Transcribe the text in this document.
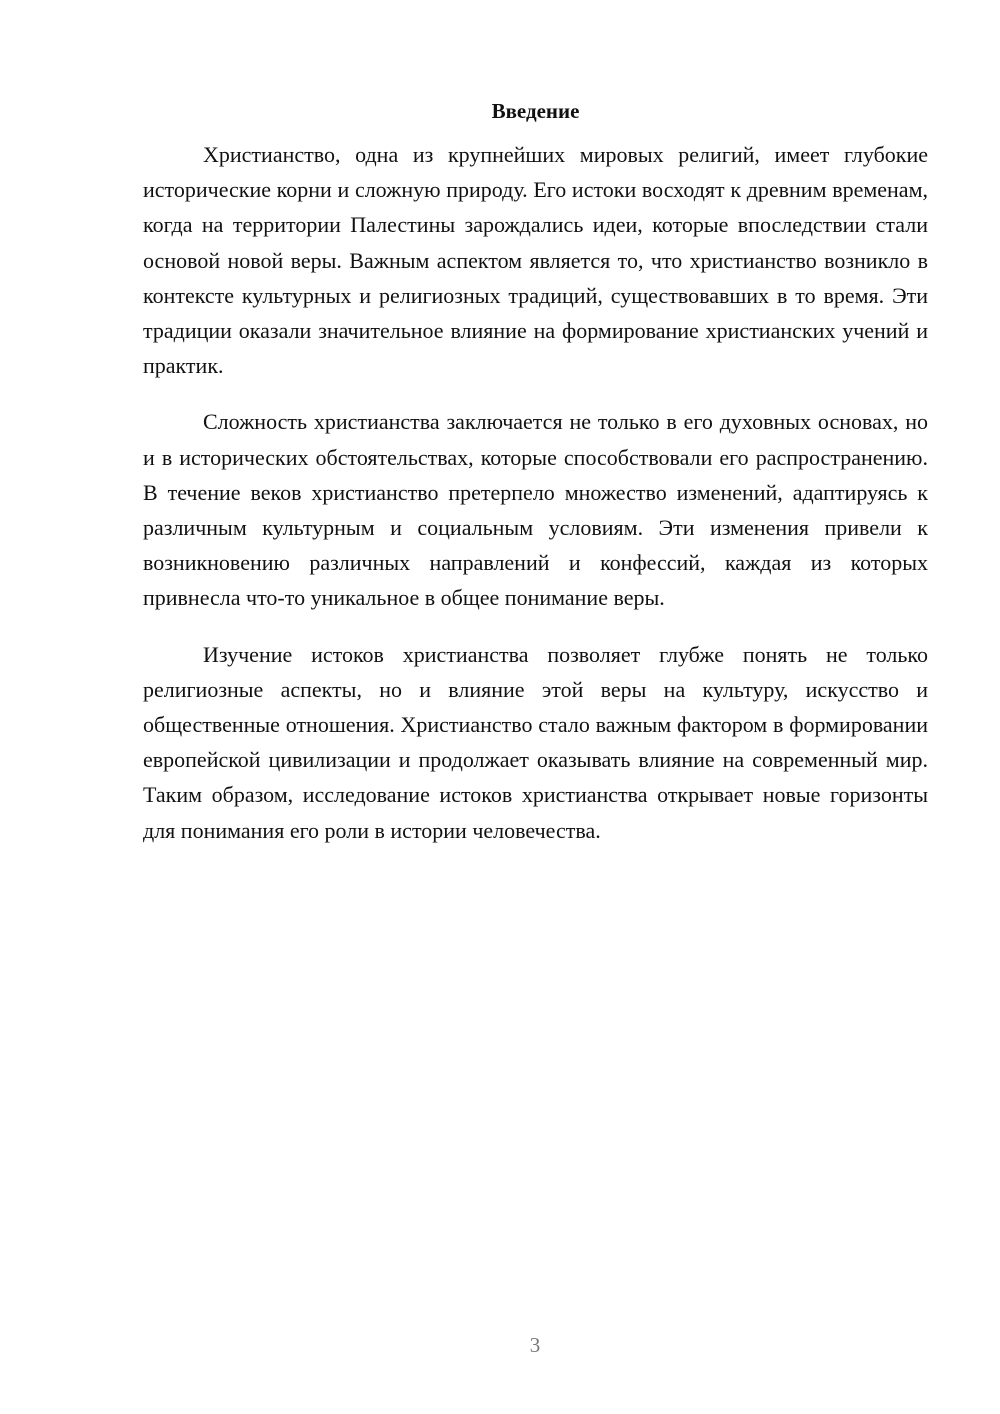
Введение

Христианство, одна из крупнейших мировых религий, имеет глубокие исторические корни и сложную природу. Его истоки восходят к древним временам, когда на территории Палестины зарождались идеи, которые впоследствии стали основой новой веры. Важным аспектом является то, что христианство возникло в контексте культурных и религиозных традиций, существовавших в то время. Эти традиции оказали значительное влияние на формирование христианских учений и практик.

Сложность христианства заключается не только в его духовных основах, но и в исторических обстоятельствах, которые способствовали его распространению. В течение веков христианство претерпело множество изменений, адаптируясь к различным культурным и социальным условиям. Эти изменения привели к возникновению различных направлений и конфессий, каждая из которых привнесла что-то уникальное в общее понимание веры.

Изучение истоков христианства позволяет глубже понять не только религиозные аспекты, но и влияние этой веры на культуру, искусство и общественные отношения. Христианство стало важным фактором в формировании европейской цивилизации и продолжает оказывать влияние на современный мир. Таким образом, исследование истоков христианства открывает новые горизонты для понимания его роли в истории человечества.

3
